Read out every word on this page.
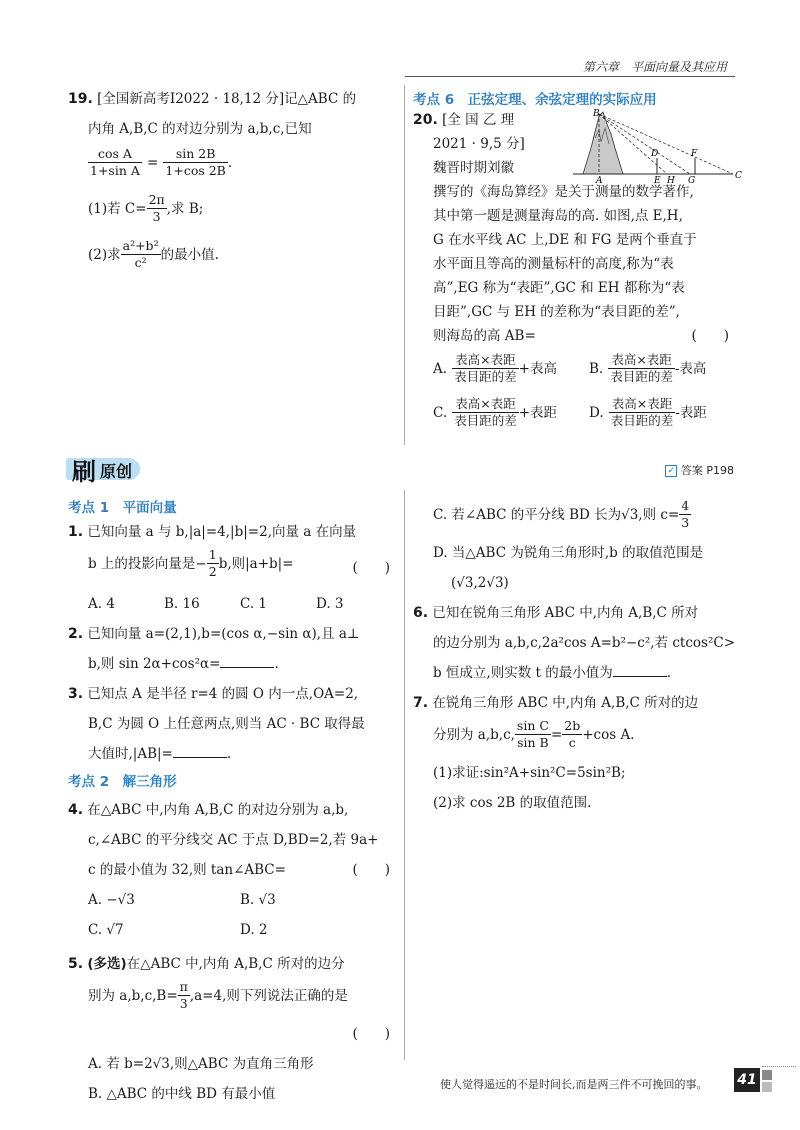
第六章　平面向量及其应用
19. [全国新高考Ⅰ2022 · 18,12 分]记△ABC 的
内角 A,B,C 的对边分别为 a,b,c,已知
$\frac{\text{cos A}}{\text{1+sin A}} = \frac{\sin 2B}{1+\cos 2B}$ .
(1)若 $C= \frac{2\pi}{3}$ ,求 B;
(2)求 $\frac{\text{a²+b²}}{\text{c²}}$ 的最小值.
考点 6　正弦定理、余弦定理的实际应用
20. [全 国 乙 理
2021 · 9,5 分]
魏晋时期刘徽
撰写的《海岛算经》是关于测量的数学著作,
其中第一题是测量海岛的高. 如图,点 E,H,
G 在水平线 AC 上,DE 和 FG 是两个垂直于
水平面且等高的测量标杆的高度,称为“表
高”,EG 称为“表距”,GC 和 EH 都称为“表
目距”,GC 与 EH 的差称为“表目距的差”,
则海岛的高 AB=	(　　)
A. $\frac{\text{表高×表距}}{\text{表目距的差}}$ +表高 B. $\frac{\text{表高×表距}}{\text{表目距的差}}$ -表高
C. $\frac{\text{表高×表距}}{\text{表目距的差}}$ +表距 D. $\frac{\text{表高×表距}}{\text{表目距的差}}$ -表距
B
D	F
A	E H G	C
刷 原创	✓ 答案 P198
考点 1　平面向量
1. 已知向量 a 与 b,|a|=4,|b|=2,向量 a 在向量
b 上的投影向量是− $\frac{1}{2} b$,则|a+b|=	(　　)
A. 4	B. 16	C. 1	D. 3
2. 已知向量 a=(2,1),b=(cos α,−sin α),且 a⊥
b,则 sin 2α+cos²α=	.
3. 已知点 A 是半径 r=4 的圆 O 内一点,OA=2,
B,C 为圆 O 上任意两点,则当 AC · BC 取得最
大值时,|AB|=	.
考点 2　解三角形
4. 在△ABC 中,内角 A,B,C 的对边分别为 a,b,
c,∠ABC 的平分线交 AC 于点 D,BD=2,若 9a+
c 的最小值为 32,则 tan∠ABC=	(　　)
A. −√3	B. √3
C. √7	D. 2
5. (多选)在△ABC 中,内角 A,B,C 所对的边分
别为 $a,b,c,B= \frac{\pi}{3} ,a=4$,则下列说法正确的是
(　　)
A. 若 b=2√3,则△ABC 为直角三角形
B. △ABC 的中线 BD 有最小值
C. 若∠ABC 的平分线 BD 长为√3,则 $c= \frac{4}{3}$
D. 当△ABC 为锐角三角形时,b 的取值范围是
(√3,2√3)
6. 已知在锐角三角形 ABC 中,内角 A,B,C 所对
的边分别为 a,b,c,2a²cos A=b²−c²,若 ctcos²C>
b 恒成立,则实数 t 的最小值为	.
7. 在锐角三角形 ABC 中,内角 A,B,C 所对的边
分别为 a,b,c, $\frac{\text{sin C}}{\text{sin B}} = \frac{2b}{c} +\cos$ A.
(1)求证:sin²A+sin²C=5sin²B;
(2)求 cos 2B 的取值范围.
使人觉得遥远的不是时间长,而是两三件不可挽回的事。 41
